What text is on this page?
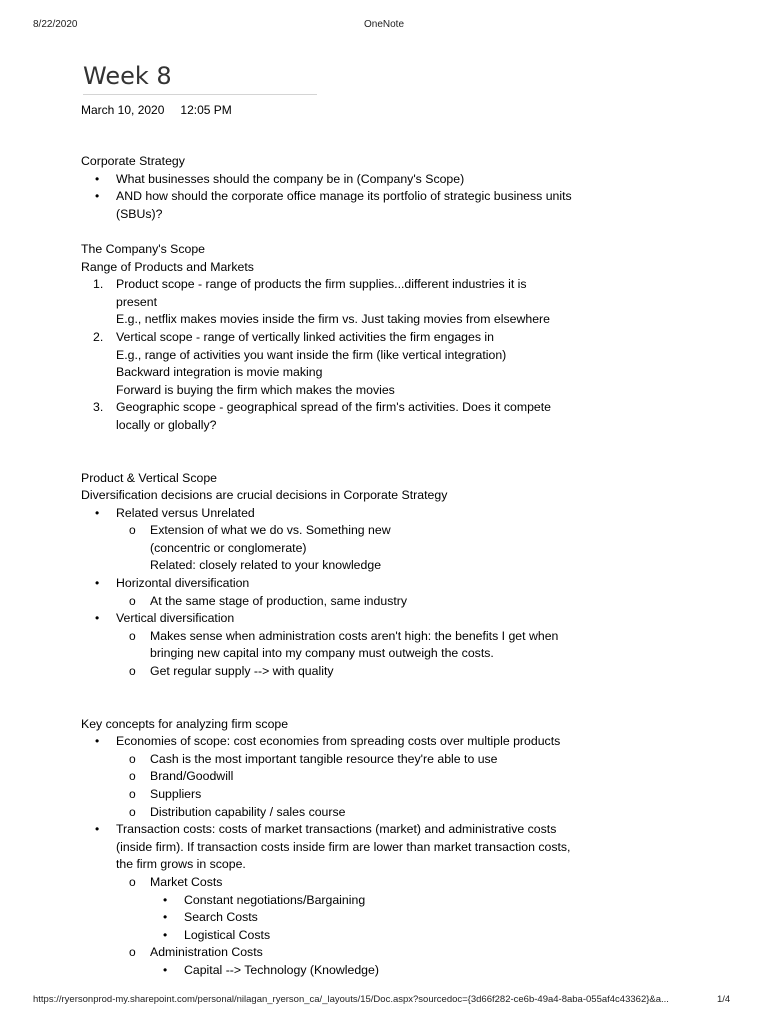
8/22/2020	OneNote
Week 8
March 10, 2020 12:05 PM

Corporate Strategy

• What businesses should the company be in (Company's Scope)
• AND how should the corporate office manage its portfolio of strategic business units
(SBUs)?

The Company's Scope

Range of Products and Markets

1. Product scope - range of products the firm supplies...different industries it is
present
E.g., netflix makes movies inside the firm vs. Just taking movies from elsewhere
2. Vertical scope - range of vertically linked activities the firm engages in
E.g., range of activities you want inside the firm (like vertical integration)
Backward integration is movie making
Forward is buying the firm which makes the movies
3. Geographic scope - geographical spread of the firm's activities. Does it compete
locally or globally?

Product & Vertical Scope

Diversification decisions are crucial decisions in Corporate Strategy

• Related versus Unrelated
o Extension of what we do vs. Something new
(concentric or conglomerate)
Related: closely related to your knowledge
• Horizontal diversification
o At the same stage of production, same industry
• Vertical diversification
o Makes sense when administration costs aren't high: the benefits I get when
bringing new capital into my company must outweigh the costs.
o Get regular supply --> with quality

Key concepts for analyzing firm scope

• Economies of scope: cost economies from spreading costs over multiple products
o Cash is the most important tangible resource they're able to use
o Brand/Goodwill
o Suppliers
o Distribution capability / sales course
• Transaction costs: costs of market transactions (market) and administrative costs
(inside firm). If transaction costs inside firm are lower than market transaction costs,
the firm grows in scope.
o Market Costs
• Constant negotiations/Bargaining
• Search Costs
• Logistical Costs
o Administration Costs
• Capital --> Technology (Knowledge)
https://ryersonprod-my.sharepoint.com/personal/nilagan_ryerson_ca/_layouts/15/Doc.aspx?sourcedoc={3d66f282-ce6b-49a4-8aba-055af4c43362}&a...	1/4
